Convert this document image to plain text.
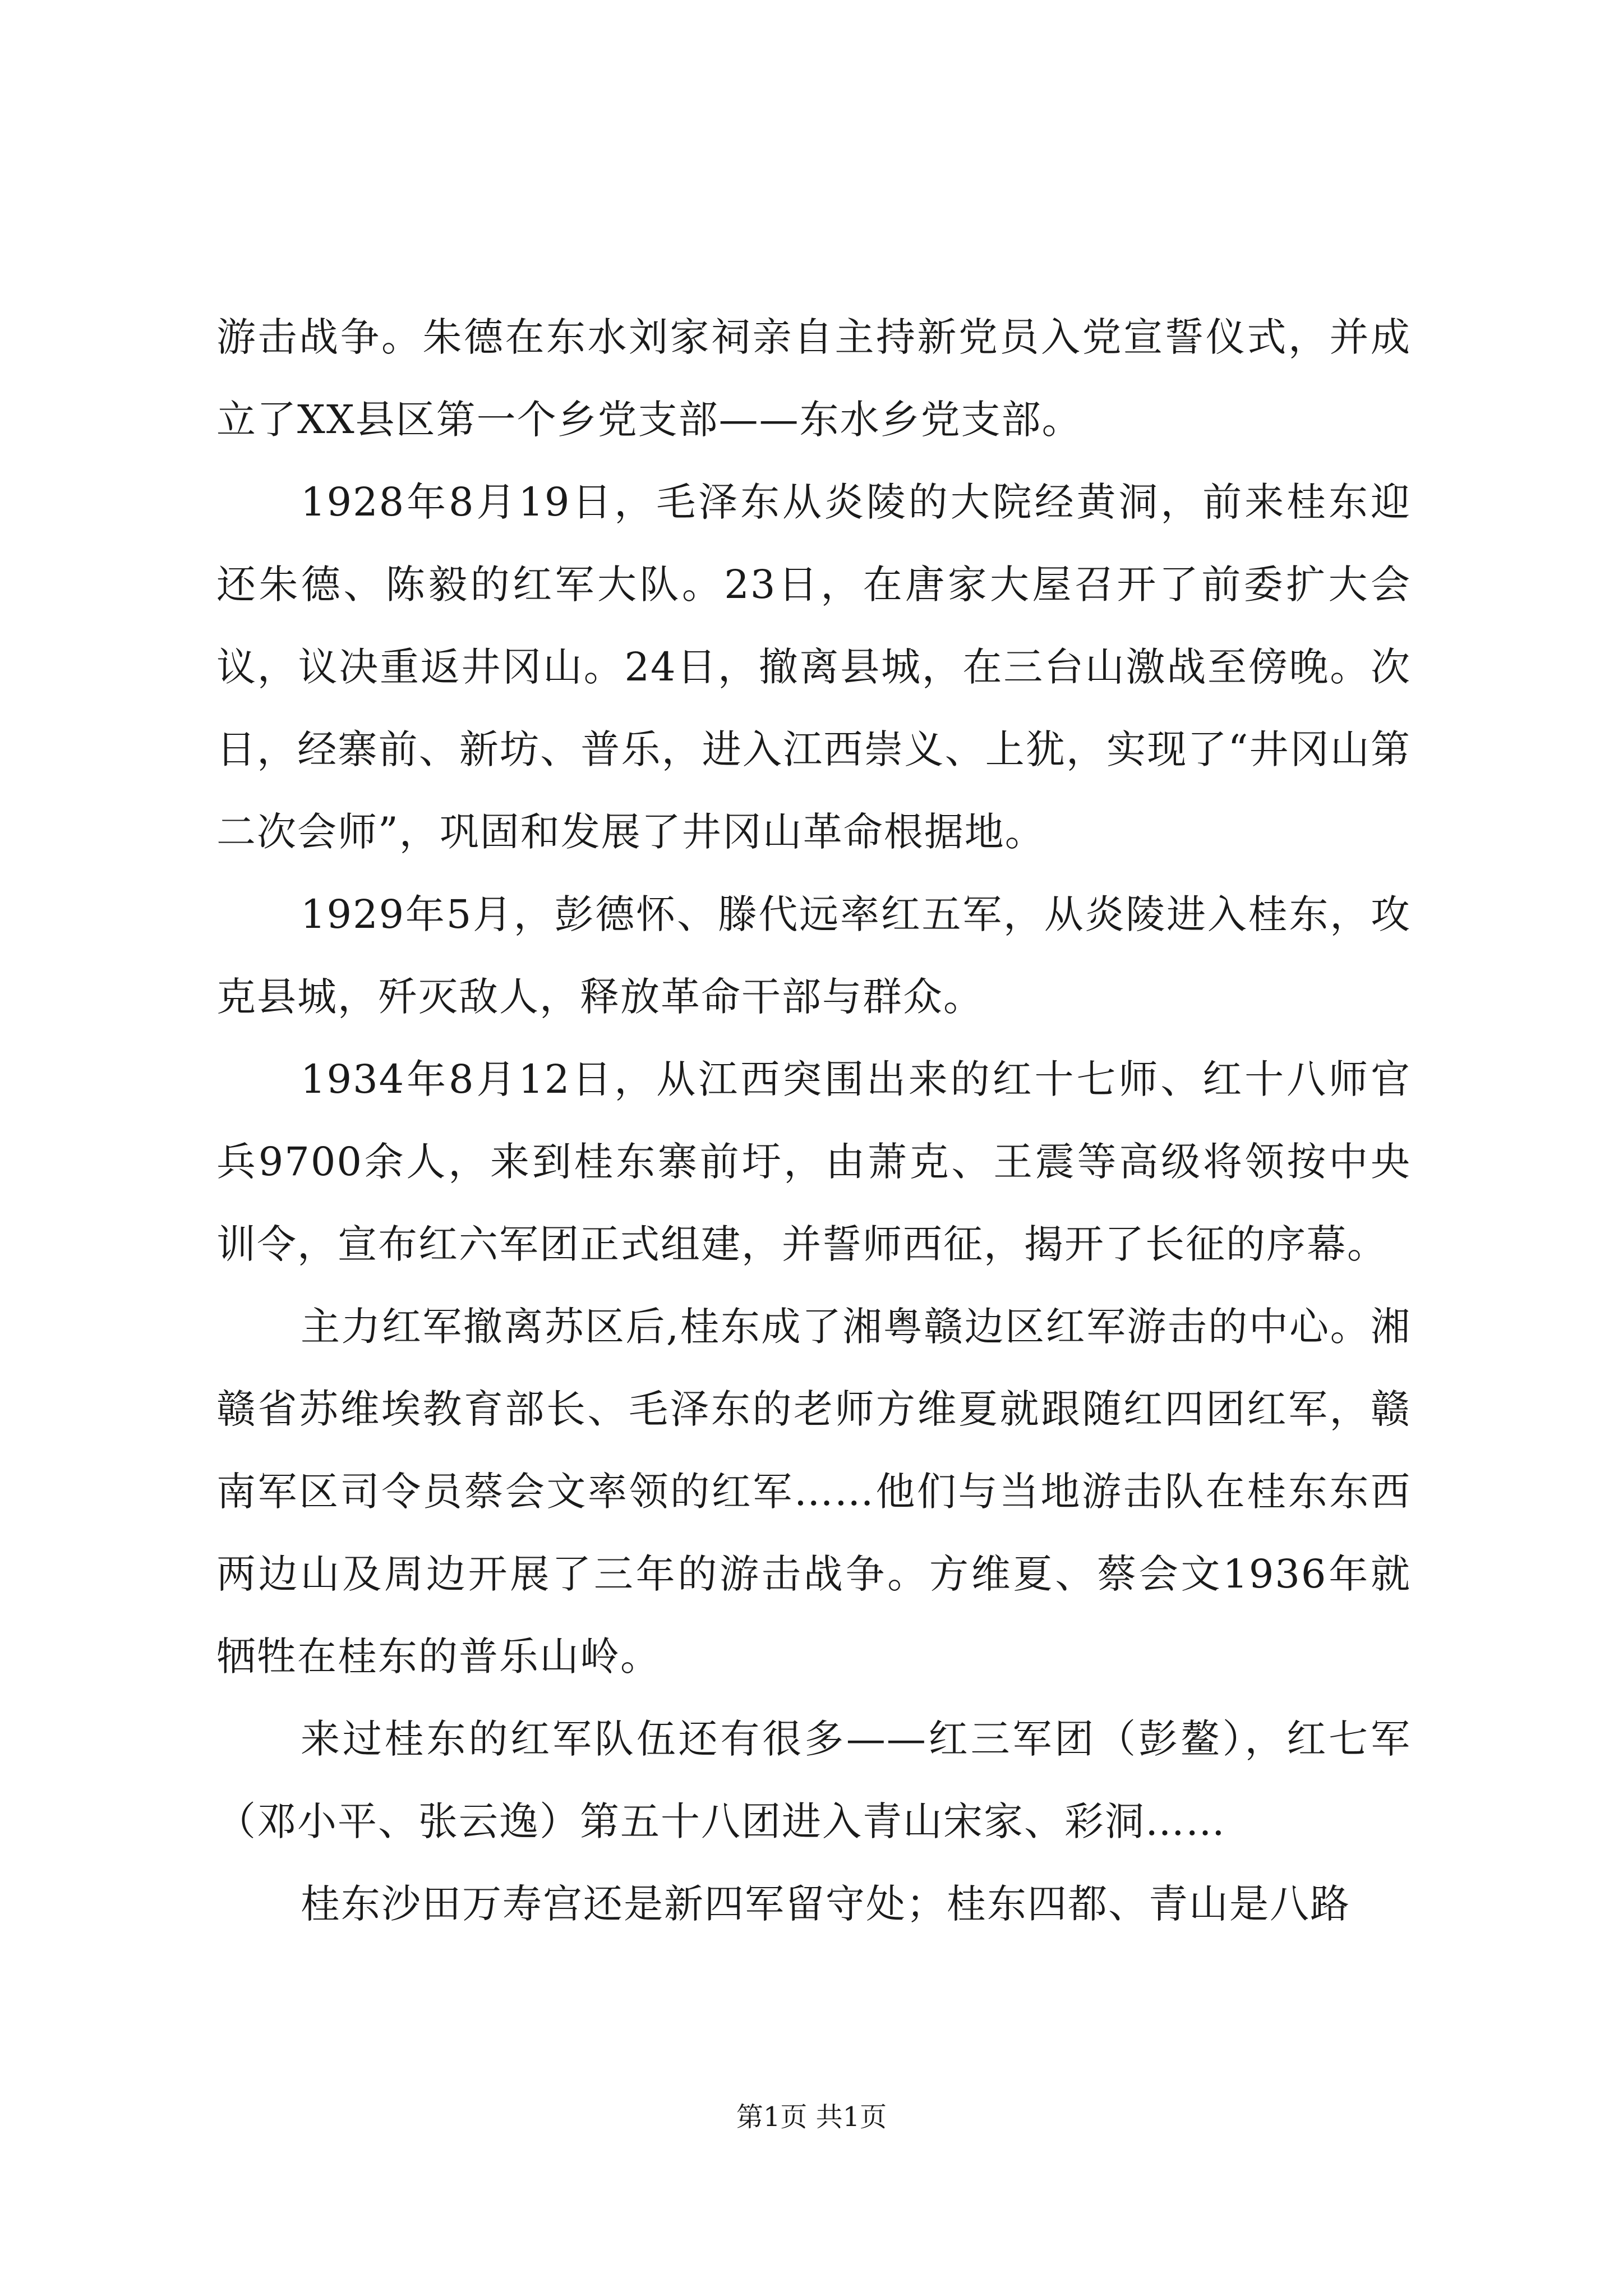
游击战争。朱德在东水刘家祠亲自主持新党员入党宣誓仪式，并成立了XX县区第一个乡党支部——东水乡党支部。

1928年8月19日，毛泽东从炎陵的大院经黄洞，前来桂东迎还朱德、陈毅的红军大队。23日，在唐家大屋召开了前委扩大会议，议决重返井冈山。24日，撤离县城，在三台山激战至傍晚。次日，经寨前、新坊、普乐，进入江西崇义、上犹，实现了“井冈山第二次会师”，巩固和发展了井冈山革命根据地。

1929年5月，彭德怀、滕代远率红五军，从炎陵进入桂东，攻克县城，歼灭敌人，释放革命干部与群众。

1934年8月12日，从江西突围出来的红十七师、红十八师官兵9700余人，来到桂东寨前圩，由萧克、王震等高级将领按中央训令，宣布红六军团正式组建，并誓师西征，揭开了长征的序幕。

主力红军撤离苏区后,桂东成了湘粤赣边区红军游击的中心。湘赣省苏维埃教育部长、毛泽东的老师方维夏就跟随红四团红军，赣南军区司令员蔡会文率领的红军……他们与当地游击队在桂东东西两边山及周边开展了三年的游击战争。方维夏、蔡会文1936年就牺牲在桂东的普乐山岭。

来过桂东的红军队伍还有很多——红三军团（彭鳌），红七军（邓小平、张云逸）第五十八团进入青山宋家、彩洞……

桂东沙田万寿宫还是新四军留守处；桂东四都、青山是八路

第1页 共1页
